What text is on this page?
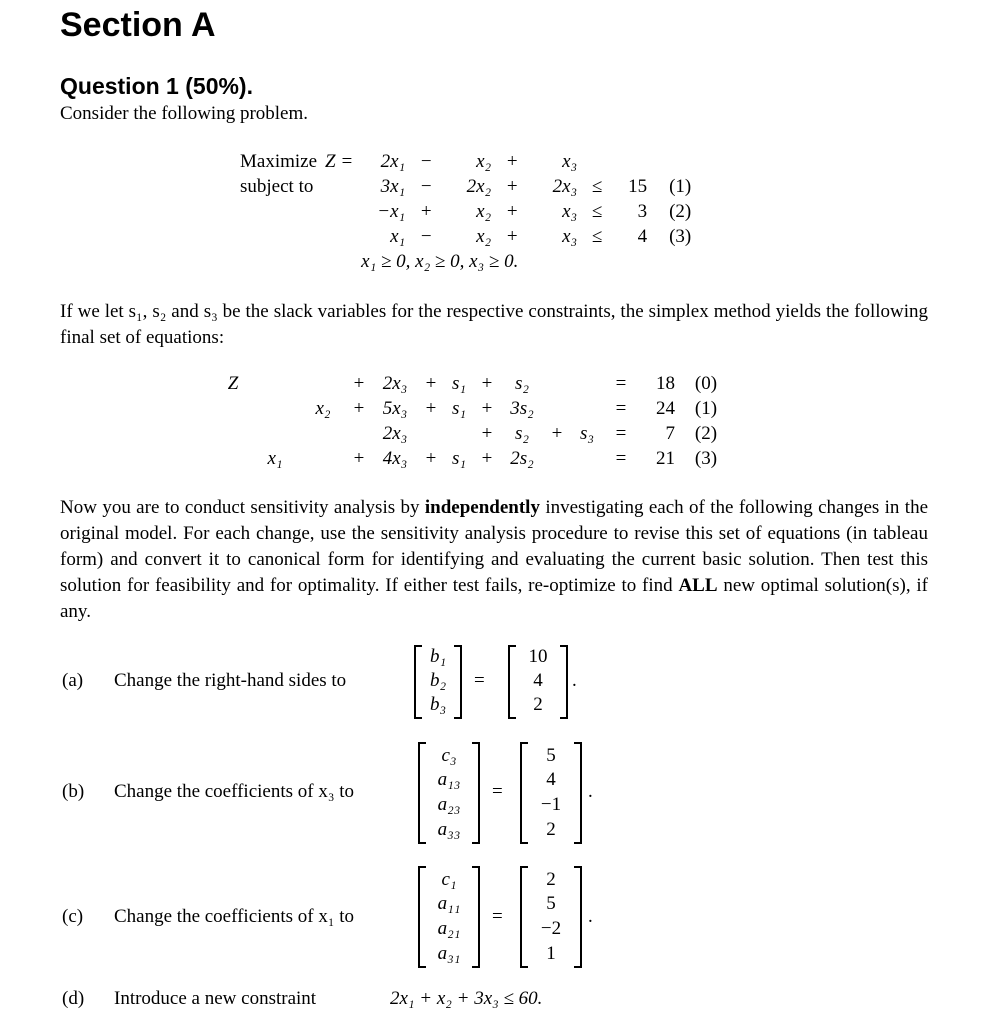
Section A
Question 1 (50%).
Consider the following problem.
Maximize	Z =	2x₁	−	x₂	+	x₃			
subject to		3x₁	−	2x₂	+	2x₃	≤	15	(1)
		−x₁	+	x₂	+	x₃	≤	3	(2)
		x₁	−	x₂	+	x₃	≤	4	(3)
		x₁ ≥ 0, x₂ ≥ 0, x₃ ≥ 0.							
If we let s₁, s₂ and s₃ be the slack variables for the respective constraints, the simplex method yields the following final set of equations:
Z			+	2x₃	+	s₁	+	s₂			=	18	(0)
		x₂	+	5x₃	+	s₁	+	3s₂			=	24	(1)
				2x₃			+	s₂	+	s₃	=	7	(2)
	x₁		+	4x₃	+	s₁	+	2s₂			=	21	(3)
Now you are to conduct sensitivity analysis by independently investigating each of the following changes in the original model. For each change, use the sensitivity analysis procedure to revise this set of equations (in tableau form) and convert it to canonical form for identifying and evaluating the current basic solution. Then test this solution for feasibility and for optimality. If either test fails, re-optimize to find ALL new optimal solution(s), if any.
(a) Change the right-hand sides to
b₁
b₂
b₃
=
10
4
2
.
(b) Change the coefficients of x₃ to
c₃
a₁₃
a₂₃
a₃₃
=
5
4
−1
2
.
(c) Change the coefficients of x₁ to
c₁
a₁₁
a₂₁
a₃₁
=
2
5
−2
1
.
(d) Introduce a new constraint	2x₁ + x₂ + 3x₃ ≤ 60.
